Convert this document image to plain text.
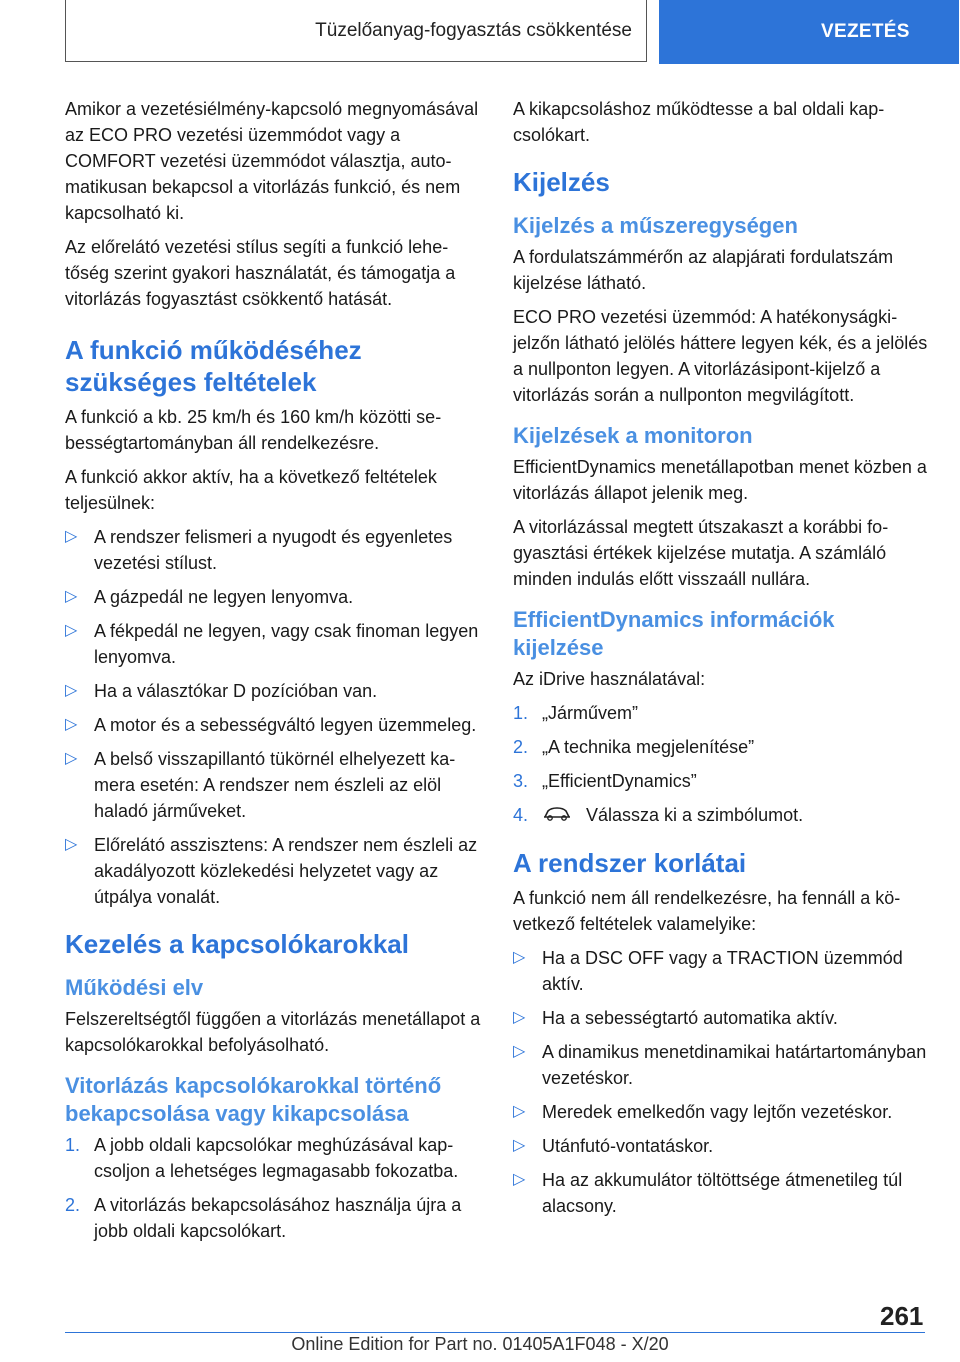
Tüzelőanyag-fogyasztás csökkentése	VEZETÉS

Amikor a vezetésiélmény-kapcsoló megnyomásával az ECO PRO vezetési üzemmódot vagy a COMFORT vezetési üzemmódot választja, automatikusan bekapcsol a vitorlázás funkció, és nem kapcsolható ki.

Az előrelátó vezetési stílus segíti a funkció lehetőség szerint gyakori használatát, és támogatja a vitorlázás fogyasztást csökkentő hatását.

A funkció működéséhez szükséges feltételek

A funkció a kb. 25 km/h és 160 km/h közötti sebességtartományban áll rendelkezésre.

A funkció akkor aktív, ha a következő feltételek teljesülnek:

▷ A rendszer felismeri a nyugodt és egyenletes vezetési stílust.
▷ A gázpedál ne legyen lenyomva.
▷ A fékpedál ne legyen, vagy csak finoman legyen lenyomva.
▷ Ha a választókar D pozícióban van.
▷ A motor és a sebességváltó legyen üzemmeleg.
▷ A belső visszapillantó tükörnél elhelyezett kamera esetén: A rendszer nem észleli az elöl haladó járműveket.
▷ Előrelátó asszisztens: A rendszer nem észleli az akadályozott közlekedési helyzetet vagy az útpálya vonalát.
Kezelés a kapcsolókarokkal
Működési elv

Felszereltségtől függően a vitorlázás menetállapot a kapcsolókarokkal befolyásolható.

Vitorlázás kapcsolókarokkal történő bekapcsolása vagy kikapcsolása
1. A jobb oldali kapcsolókar meghúzásával kapcsoljon a lehetséges legmagasabb fokozatba.
2. A vitorlázás bekapcsolásához használja újra a jobb oldali kapcsolókart.

A kikapcsoláshoz működtesse a bal oldali kapcsolókart.

Kijelzés
Kijelzés a műszeregységen

A fordulatszámmérőn az alapjárati fordulatszám kijelzése látható.

ECO PRO vezetési üzemmód: A hatékonyságkijelzőn látható jelölés háttere legyen kék, és a jelölés a nullponton legyen. A vitorlázásipont-kijelző a vitorlázás során a nullponton megvilágított.

Kijelzések a monitoron

EfficientDynamics menetállapotban menet közben a vitorlázás állapot jelenik meg.

A vitorlázással megtett útszakaszt a korábbi fogyasztási értékek kijelzése mutatja. A számláló minden indulás előtt visszaáll nullára.

EfficientDynamics információk kijelzése

Az iDrive használatával:

1. „Járművem”
2. „A technika megjelenítése”
3. „EfficientDynamics”
4.	Válassza ki a szimbólumot.
A rendszer korlátai

A funkció nem áll rendelkezésre, ha fennáll a következő feltételek valamelyike:

▷ Ha a DSC OFF vagy a TRACTION üzemmód aktív.
▷ Ha a sebességtartó automatika aktív.
▷ A dinamikus menetdinamikai határtartományban vezetéskor.
▷ Meredek emelkedőn vagy lejtőn vezetéskor.
▷ Utánfutó-vontatáskor.
▷ Ha az akkumulátor töltöttsége átmenetileg túl alacsony.
261
Online Edition for Part no. 01405A1F048 - X/20
